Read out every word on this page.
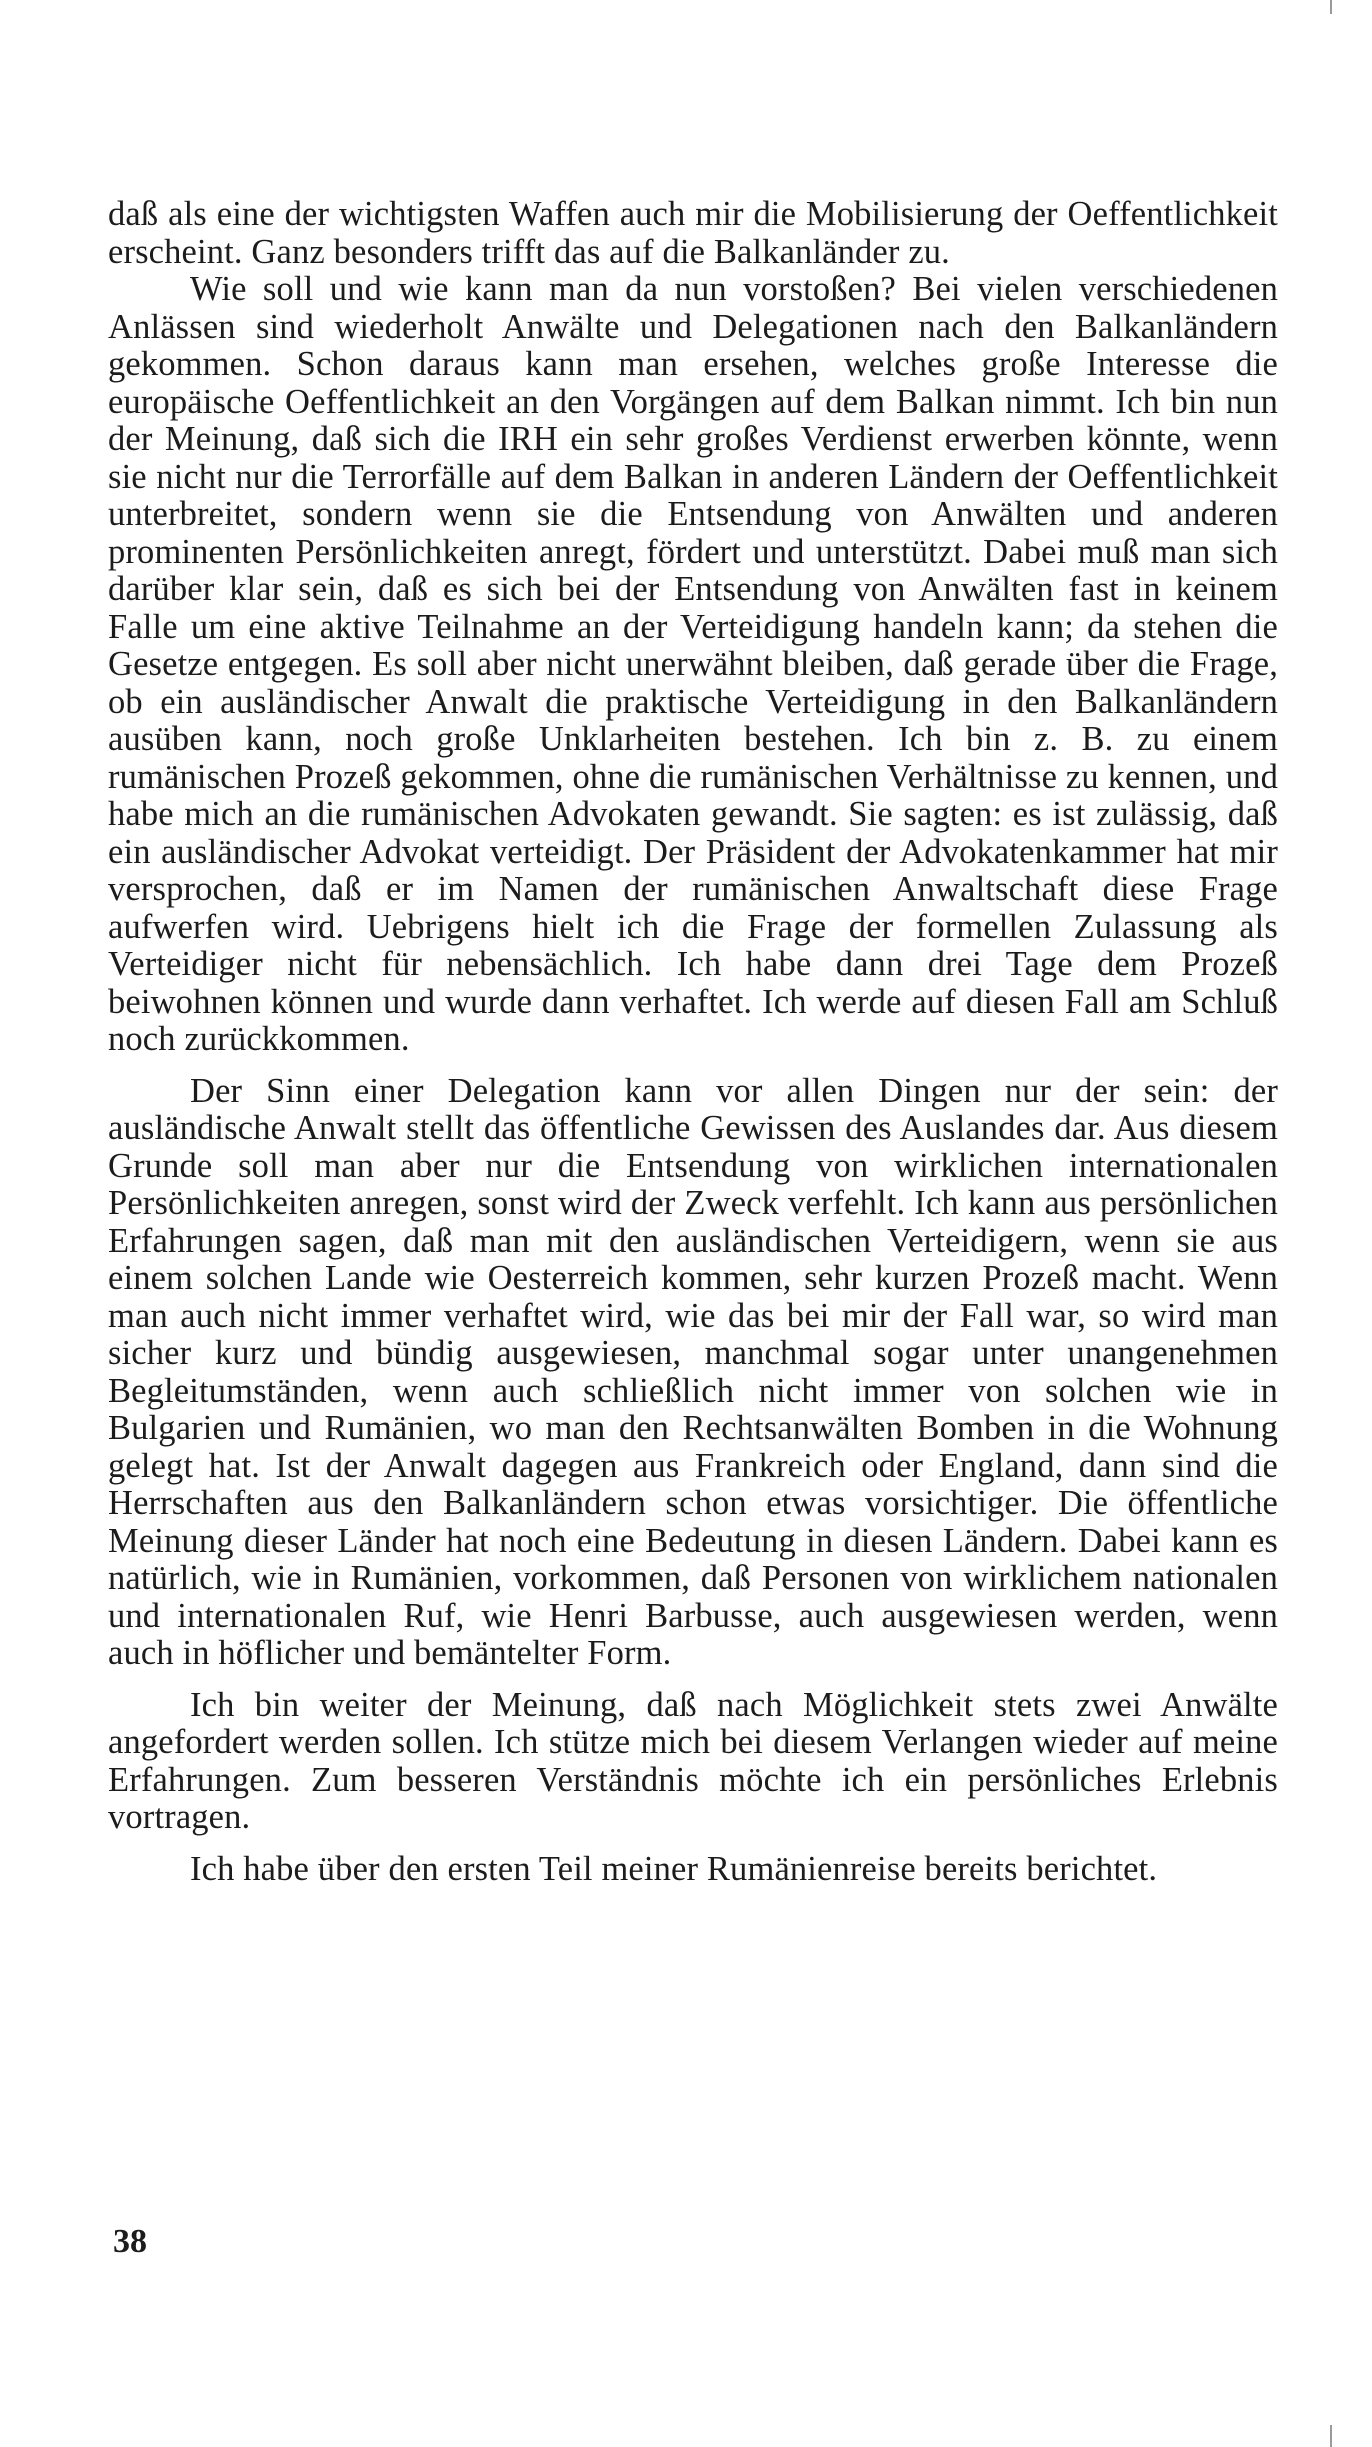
daß als eine der wichtigsten Waffen auch mir die Mobilisierung der Oeffentlichkeit erscheint. Ganz besonders trifft das auf die Balkanländer zu.

Wie soll und wie kann man da nun vorstoßen? Bei vielen verschiedenen Anlässen sind wiederholt Anwälte und Delegationen nach den Balkanländern gekommen. Schon daraus kann man ersehen, welches große Interesse die europäische Oeffentlichkeit an den Vorgängen auf dem Balkan nimmt. Ich bin nun der Meinung, daß sich die IRH ein sehr großes Verdienst erwerben könnte, wenn sie nicht nur die Terrorfälle auf dem Balkan in anderen Ländern der Oeffentlichkeit unterbreitet, sondern wenn sie die Entsendung von Anwälten und anderen prominenten Persönlichkeiten anregt, fördert und unterstützt. Dabei muß man sich darüber klar sein, daß es sich bei der Entsendung von Anwälten fast in keinem Falle um eine aktive Teilnahme an der Verteidigung handeln kann; da stehen die Gesetze entgegen. Es soll aber nicht unerwähnt bleiben, daß gerade über die Frage, ob ein ausländischer Anwalt die praktische Verteidigung in den Balkanländern ausüben kann, noch große Unklarheiten bestehen. Ich bin z. B. zu einem rumänischen Prozeß gekommen, ohne die rumänischen Verhältnisse zu kennen, und habe mich an die rumänischen Advokaten gewandt. Sie sagten: es ist zulässig, daß ein ausländischer Advokat verteidigt. Der Präsident der Advokatenkammer hat mir versprochen, daß er im Namen der rumänischen Anwaltschaft diese Frage aufwerfen wird. Uebrigens hielt ich die Frage der formellen Zulassung als Verteidiger nicht für nebensächlich. Ich habe dann drei Tage dem Prozeß beiwohnen können und wurde dann verhaftet. Ich werde auf diesen Fall am Schluß noch zurückkommen.

Der Sinn einer Delegation kann vor allen Dingen nur der sein: der ausländische Anwalt stellt das öffentliche Gewissen des Auslandes dar. Aus diesem Grunde soll man aber nur die Entsendung von wirklichen internationalen Persönlichkeiten anregen, sonst wird der Zweck verfehlt. Ich kann aus persönlichen Erfahrungen sagen, daß man mit den ausländischen Verteidigern, wenn sie aus einem solchen Lande wie Oesterreich kommen, sehr kurzen Prozeß macht. Wenn man auch nicht immer verhaftet wird, wie das bei mir der Fall war, so wird man sicher kurz und bündig ausgewiesen, manchmal sogar unter unangenehmen Begleitumständen, wenn auch schließlich nicht immer von solchen wie in Bulgarien und Rumänien, wo man den Rechtsanwälten Bomben in die Wohnung gelegt hat. Ist der Anwalt dagegen aus Frankreich oder England, dann sind die Herrschaften aus den Balkanländern schon etwas vorsichtiger. Die öffentliche Meinung dieser Länder hat noch eine Bedeutung in diesen Ländern. Dabei kann es natürlich, wie in Rumänien, vorkommen, daß Personen von wirklichem nationalen und internationalen Ruf, wie Henri Barbusse, auch ausgewiesen werden, wenn auch in höflicher und bemäntelter Form.

Ich bin weiter der Meinung, daß nach Möglichkeit stets zwei Anwälte angefordert werden sollen. Ich stütze mich bei diesem Verlangen wieder auf meine Erfahrungen. Zum besseren Verständnis möchte ich ein persönliches Erlebnis vortragen.

Ich habe über den ersten Teil meiner Rumänienreise bereits berichtet.

38
